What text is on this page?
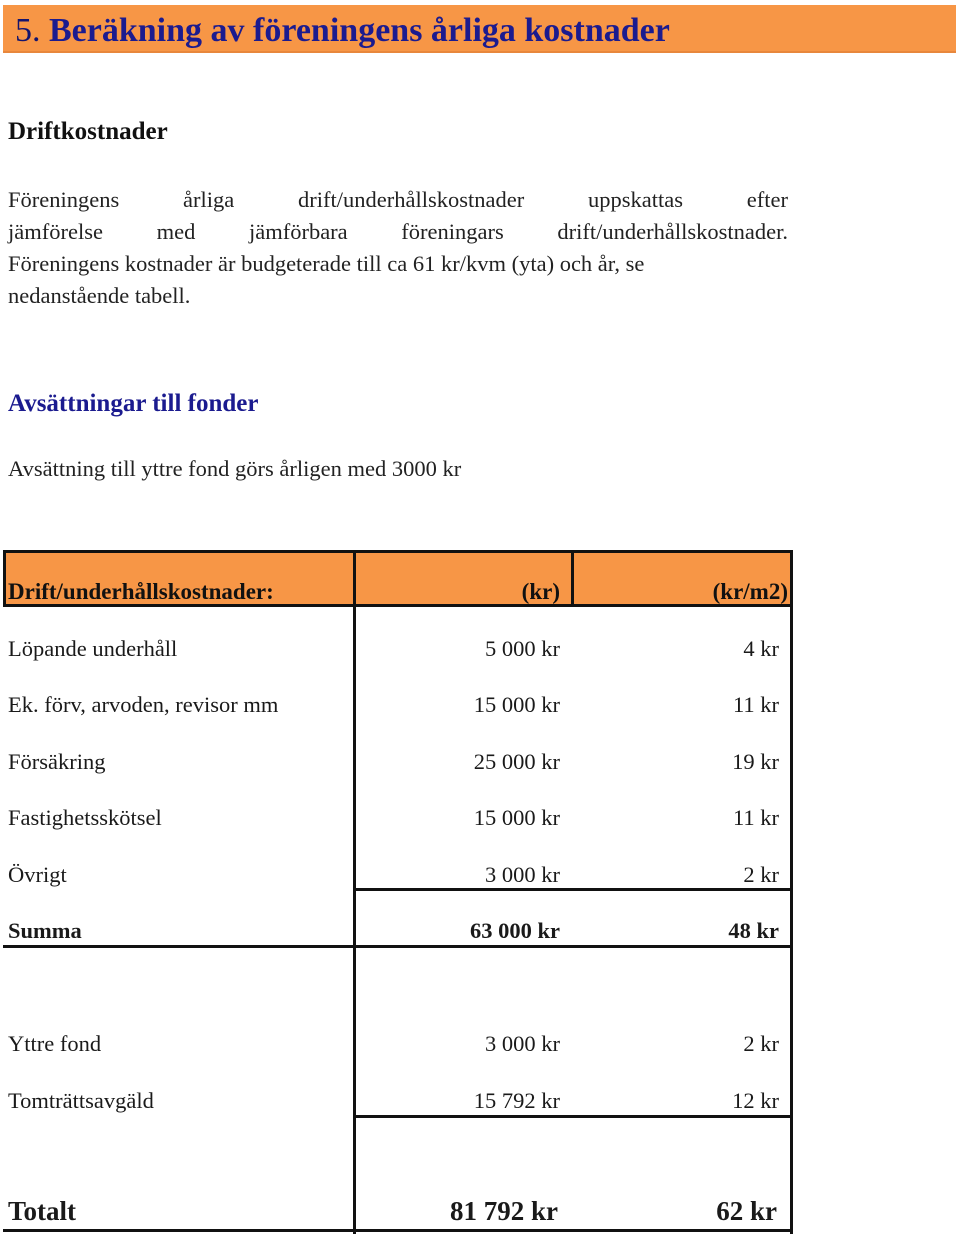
5. Beräkning av föreningens årliga kostnader
Driftkostnader
Föreningens	årliga	drift/underhållskostnader	uppskattas	efter
jämförelse med jämförbara föreningars drift/underhållskostnader.
Föreningens kostnader är budgeterade till ca 61 kr/kvm (yta) och år, se
nedanstående tabell.
Avsättningar till fonder
Avsättning till yttre fond görs årligen med 3000 kr
Drift/underhållskostnader:	(kr)	(kr/m2)
Löpande underhåll	5 000 kr	4 kr
Ek. förv, arvoden, revisor mm	15 000 kr	11 kr
Försäkring	25 000 kr	19 kr
Fastighetsskötsel	15 000 kr	11 kr
Övrigt	3 000 kr	2 kr
Summa	63 000 kr	48 kr
Yttre fond	3 000 kr	2 kr
Tomträttsavgäld	15 792 kr	12 kr
Totalt	81 792 kr	62 kr
